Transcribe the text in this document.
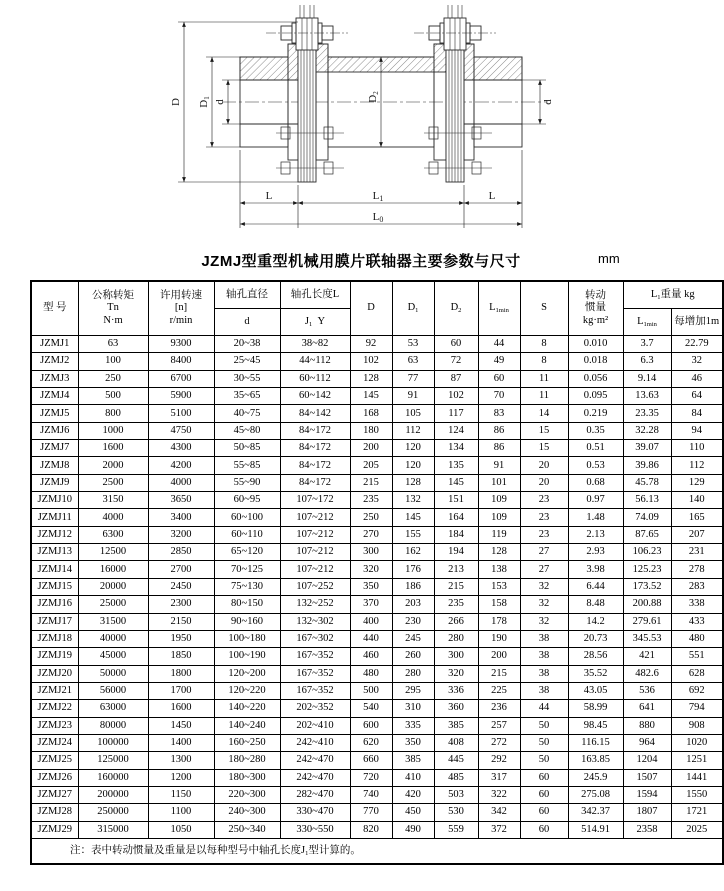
D D1
d	D2
d
L	L1	L
L0
JZMJ型重型机械用膜片联轴器主要参数与尺寸	mm
型 号	公称转矩
Tn
N·m	许用转速
[n]
r/min	轴孔直径	轴孔长度L	D	$D_1$	$D_2$	$L_{1min}$	S	转动
惯量
kg·m²	$L_1$重量 kg	
			d	$J_1$ Y							$L_{1min}$	每增加1m
JZMJ1	63	9300	20~38	38~82	92	53	60	44	8	0.010	3.7	22.79
JZMJ2	100	8400	25~45	44~112	102	63	72	49	8	0.018	6.3	32
JZMJ3	250	6700	30~55	60~112	128	77	87	60	11	0.056	9.14	46
JZMJ4	500	5900	35~65	60~142	145	91	102	70	11	0.095	13.63	64
JZMJ5	800	5100	40~75	84~142	168	105	117	83	14	0.219	23.35	84
JZMJ6	1000	4750	45~80	84~172	180	112	124	86	15	0.35	32.28	94
JZMJ7	1600	4300	50~85	84~172	200	120	134	86	15	0.51	39.07	110
JZMJ8	2000	4200	55~85	84~172	205	120	135	91	20	0.53	39.86	112
JZMJ9	2500	4000	55~90	84~172	215	128	145	101	20	0.68	45.78	129
JZMJ10	3150	3650	60~95	107~172	235	132	151	109	23	0.97	56.13	140
JZMJ11	4000	3400	60~100	107~212	250	145	164	109	23	1.48	74.09	165
JZMJ12	6300	3200	60~110	107~212	270	155	184	119	23	2.13	87.65	207
JZMJ13	12500	2850	65~120	107~212	300	162	194	128	27	2.93	106.23	231
JZMJ14	16000	2700	70~125	107~212	320	176	213	138	27	3.98	125.23	278
JZMJ15	20000	2450	75~130	107~252	350	186	215	153	32	6.44	173.52	283
JZMJ16	25000	2300	80~150	132~252	370	203	235	158	32	8.48	200.88	338
JZMJ17	31500	2150	90~160	132~302	400	230	266	178	32	14.2	279.61	433
JZMJ18	40000	1950	100~180	167~302	440	245	280	190	38	20.73	345.53	480
JZMJ19	45000	1850	100~190	167~352	460	260	300	200	38	28.56	421	551
JZMJ20	50000	1800	120~200	167~352	480	280	320	215	38	35.52	482.6	628
JZMJ21	56000	1700	120~220	167~352	500	295	336	225	38	43.05	536	692
JZMJ22	63000	1600	140~220	202~352	540	310	360	236	44	58.99	641	794
JZMJ23	80000	1450	140~240	202~410	600	335	385	257	50	98.45	880	908
JZMJ24	100000	1400	160~250	242~410	620	350	408	272	50	116.15	964	1020
JZMJ25	125000	1300	180~280	242~470	660	385	445	292	50	163.85	1204	1251
JZMJ26	160000	1200	180~300	242~470	720	410	485	317	60	245.9	1507	1441
JZMJ27	200000	1150	220~300	282~470	740	420	503	322	60	275.08	1594	1550
JZMJ28	250000	1100	240~300	330~470	770	450	530	342	60	342.37	1807	1721
JZMJ29	315000	1050	250~340	330~550	820	490	559	372	60	514.91	2358	2025
注：表中转动惯量及重量是以每种型号中轴孔长度$J_1$型计算的。												
